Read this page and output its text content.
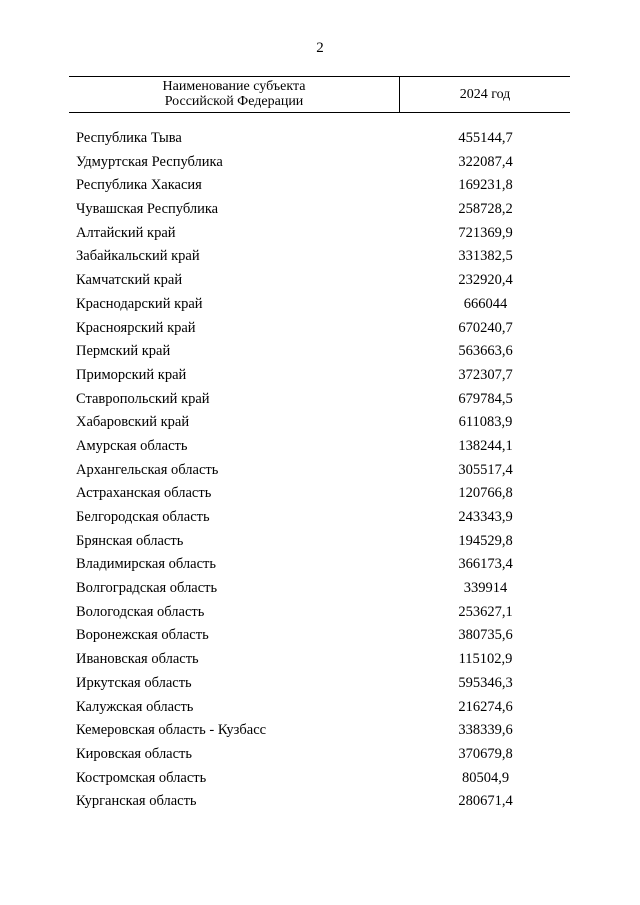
2
Наименование субъекта
Российской Федерации	2024 год
Республика Тыва	455144,7
Удмуртская Республика	322087,4
Республика Хакасия	169231,8
Чувашская Республика	258728,2
Алтайский край	721369,9
Забайкальский край	331382,5
Камчатский край	232920,4
Краснодарский край	666044
Красноярский край	670240,7
Пермский край	563663,6
Приморский край	372307,7
Ставропольский край	679784,5
Хабаровский край	611083,9
Амурская область	138244,1
Архангельская область	305517,4
Астраханская область	120766,8
Белгородская область	243343,9
Брянская область	194529,8
Владимирская область	366173,4
Волгоградская область	339914
Вологодская область	253627,1
Воронежская область	380735,6
Ивановская область	115102,9
Иркутская область	595346,3
Калужская область	216274,6
Кемеровская область - Кузбасс	338339,6
Кировская область	370679,8
Костромская область	80504,9
Курганская область	280671,4
